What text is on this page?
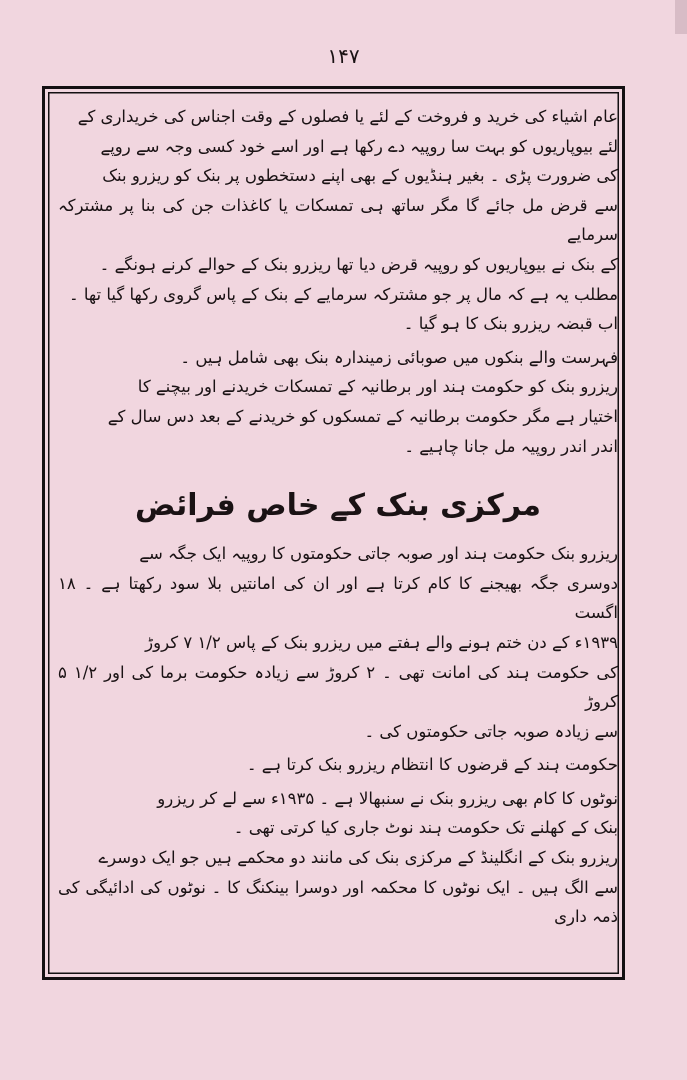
۱۴۷

عام اشیاء کی خرید و فروخت کے لئے یا فصلوں کے وقت اجناس کی خریداری کے

لئے بیوپاریوں کو بہت سا روپیہ دے رکھا ہے اور اسے خود کسی وجہ سے روپے

کی ضرورت پڑی ۔ بغیر ہنڈیوں کے بھی اپنے دستخطوں پر بنک کو ریزرو بنک

سے قرض مل جائے گا مگر ساتھ ہی تمسکات یا کاغذات جن کی بنا پر مشترکہ سرمایے

کے بنک نے بیوپاریوں کو روپیہ قرض دیا تھا ریزرو بنک کے حوالے کرنے ہونگے ۔

مطلب یہ ہے کہ مال پر جو مشترکہ سرمایے کے بنک کے پاس گروی رکھا گیا تھا ۔

اب قبضہ ریزرو بنک کا ہو گیا ۔

فہرست والے بنکوں میں صوبائی زمیندارہ بنک بھی شامل ہیں ۔

ریزرو بنک کو حکومت ہند اور برطانیہ کے تمسکات خریدنے اور بیچنے کا

اختیار ہے مگر حکومت برطانیہ کے تمسکوں کو خریدنے کے بعد دس سال کے

اندر اندر روپیہ مل جانا چاہیے ۔

مرکزی بنک کے خاص فرائض

ریزرو بنک حکومت ہند اور صوبہ جاتی حکومتوں کا روپیہ ایک جگہ سے

دوسری جگہ بھیجنے کا کام کرتا ہے اور ان کی امانتیں بلا سود رکھتا ہے ۔ ۱۸ اگست

۱۹۳۹ء کے دن ختم ہونے والے ہفتے میں ریزرو بنک کے پاس ۱/۲ ۷ کروڑ

کی حکومت ہند کی امانت تھی ۔ ۲ کروڑ سے زیادہ حکومت برما کی اور ۱/۲ ۵ کروڑ

سے زیادہ صوبہ جاتی حکومتوں کی ۔

حکومت ہند کے قرضوں کا انتظام ریزرو بنک کرتا ہے ۔

نوٹوں کا کام بھی ریزرو بنک نے سنبھالا ہے ۔ ۱۹۳۵ء سے لے کر ریزرو

بنک کے کھلنے تک حکومت ہند نوٹ جاری کیا کرتی تھی ۔

ریزرو بنک کے انگلینڈ کے مرکزی بنک کی مانند دو محکمے ہیں جو ایک دوسرے

سے الگ ہیں ۔ ایک نوٹوں کا محکمہ اور دوسرا بینکنگ کا ۔ نوٹوں کی ادائیگی کی ذمہ داری
